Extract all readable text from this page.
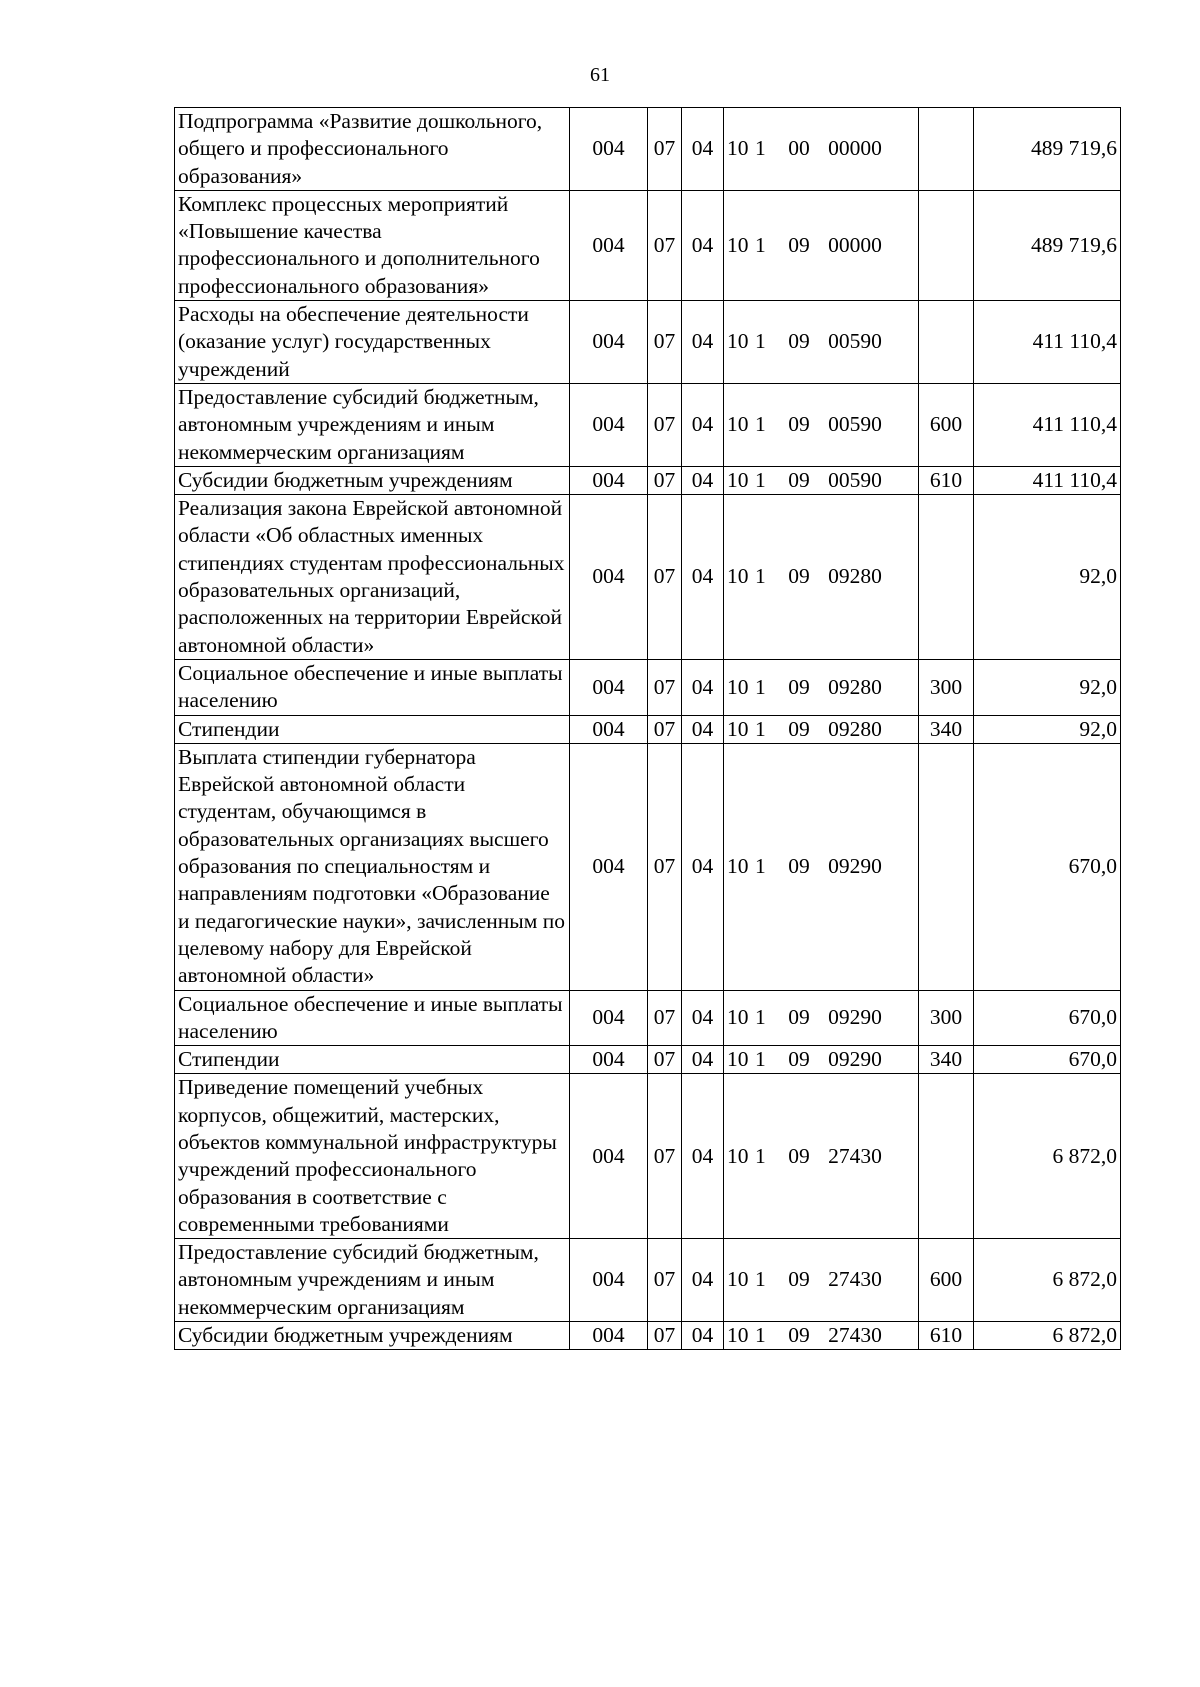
61
Подпрограмма «Развитие дошкольного, общего и профессионального образования»	004	07	04	10 1 00 00000		489 719,6
Комплекс процессных мероприятий «Повышение качества профессионального и дополнительного профессионального образования»	004	07	04	10 1 09 00000		489 719,6
Расходы на обеспечение деятельности (оказание услуг) государственных учреждений	004	07	04	10 1 09 00590		411 110,4
Предоставление субсидий бюджетным, автономным учреждениям и иным некоммерческим организациям	004	07	04	10 1 09 00590	600	411 110,4
Субсидии бюджетным учреждениям	004	07	04	10 1 09 00590	610	411 110,4
Реализация закона Еврейской автономной области «Об областных именных стипендиях студентам профессиональных образовательных организаций, расположенных на территории Еврейской автономной области»	004	07	04	10 1 09 09280		92,0
Социальное обеспечение и иные выплаты населению	004	07	04	10 1 09 09280	300	92,0
Стипендии	004	07	04	10 1 09 09280	340	92,0
Выплата стипендии губернатора Еврейской автономной области студентам, обучающимся в образовательных организациях высшего образования по специальностям и направлениям подготовки «Образование и педагогические науки», зачисленным по целевому набору для Еврейской автономной области»	004	07	04	10 1 09 09290		670,0
Социальное обеспечение и иные выплаты населению	004	07	04	10 1 09 09290	300	670,0
Стипендии	004	07	04	10 1 09 09290	340	670,0
Приведение помещений учебных корпусов, общежитий, мастерских, объектов коммунальной инфраструктуры учреждений профессионального образования в соответствие с современными требованиями	004	07	04	10 1 09 27430		6 872,0
Предоставление субсидий бюджетным, автономным учреждениям и иным некоммерческим организациям	004	07	04	10 1 09 27430	600	6 872,0
Субсидии бюджетным учреждениям	004	07	04	10 1 09 27430	610	6 872,0
